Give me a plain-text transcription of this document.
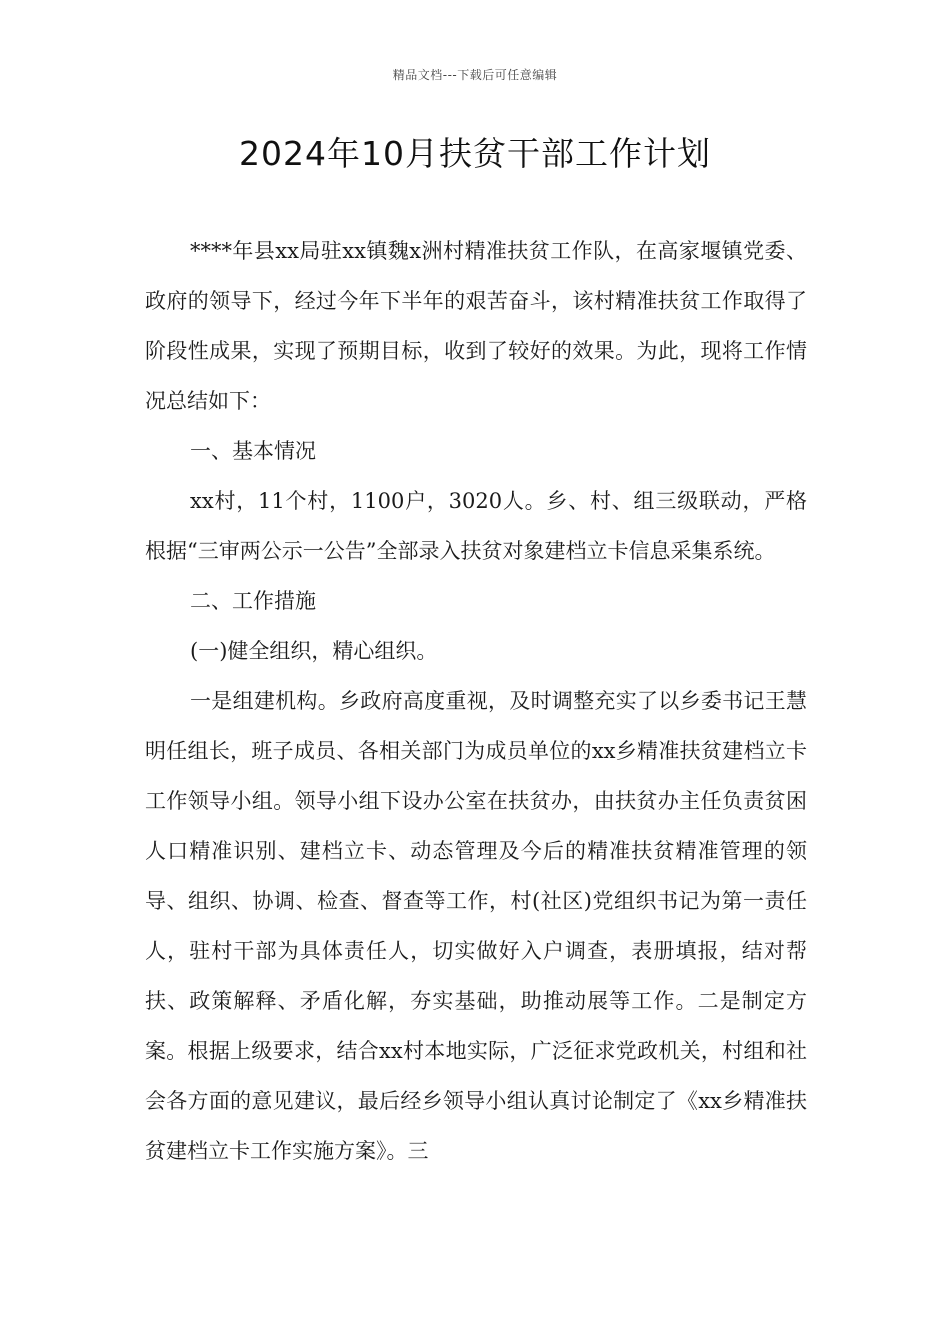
精品文档---下载后可任意编辑
2024年10月扶贫干部工作计划

****年县xx局驻xx镇魏x洲村精准扶贫工作队，在高家堰镇党委、政府的领导下，经过今年下半年的艰苦奋斗，该村精准扶贫工作取得了阶段性成果，实现了预期目标，收到了较好的效果。为此，现将工作情况总结如下：

一、基本情况

xx村，11个村，1100户，3020人。乡、村、组三级联动，严格根据“三审两公示一公告”全部录入扶贫对象建档立卡信息采集系统。

二、工作措施

(一)健全组织，精心组织。

一是组建机构。乡政府高度重视，及时调整充实了以乡委书记王慧明任组长，班子成员、各相关部门为成员单位的xx乡精准扶贫建档立卡工作领导小组。领导小组下设办公室在扶贫办，由扶贫办主任负责贫困人口精准识别、建档立卡、动态管理及今后的精准扶贫精准管理的领导、组织、协调、检查、督查等工作，村(社区)党组织书记为第一责任人，驻村干部为具体责任人，切实做好入户调查，表册填报，结对帮扶、政策解释、矛盾化解，夯实基础，助推动展等工作。二是制定方案。根据上级要求，结合xx村本地实际，广泛征求党政机关，村组和社会各方面的意见建议，最后经乡领导小组认真讨论制定了《xx乡精准扶贫建档立卡工作实施方案》。三
